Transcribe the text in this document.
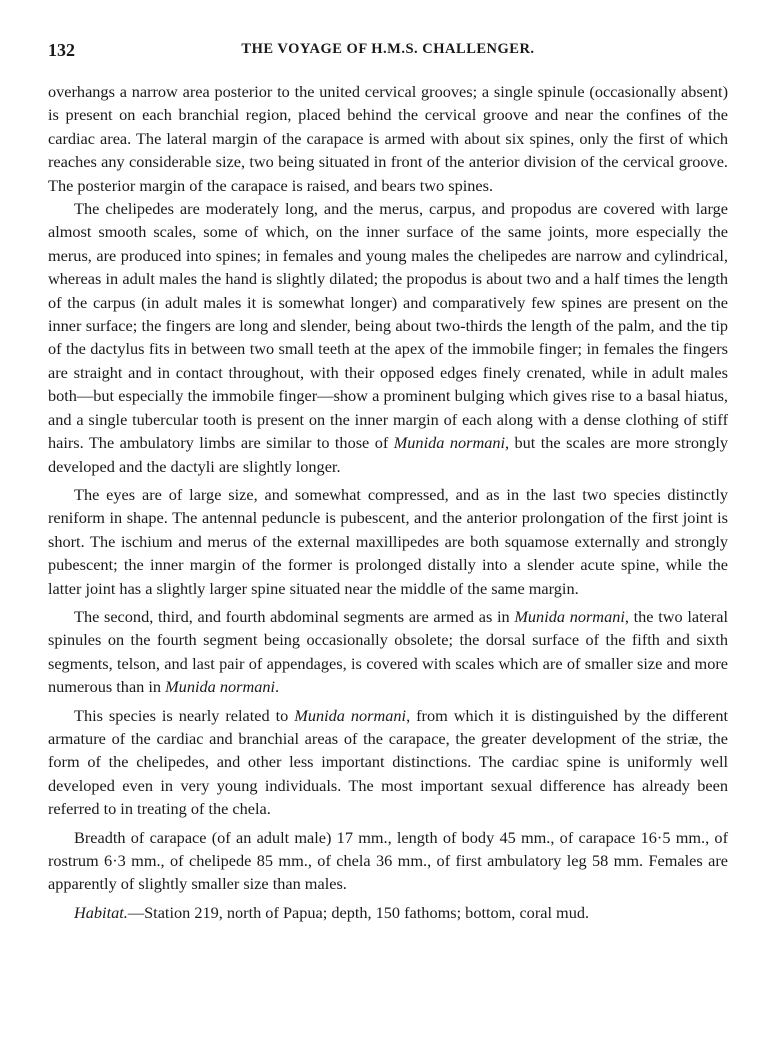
132	THE VOYAGE OF H.M.S. CHALLENGER.

overhangs a narrow area posterior to the united cervical grooves; a single spinule (occasionally absent) is present on each branchial region, placed behind the cervical groove and near the confines of the cardiac area. The lateral margin of the carapace is armed with about six spines, only the first of which reaches any considerable size, two being situated in front of the anterior division of the cervical groove. The posterior margin of the carapace is raised, and bears two spines.

The chelipedes are moderately long, and the merus, carpus, and propodus are covered with large almost smooth scales, some of which, on the inner surface of the same joints, more especially the merus, are produced into spines; in females and young males the chelipedes are narrow and cylindrical, whereas in adult males the hand is slightly dilated; the propodus is about two and a half times the length of the carpus (in adult males it is somewhat longer) and comparatively few spines are present on the inner surface; the fingers are long and slender, being about two-thirds the length of the palm, and the tip of the dactylus fits in between two small teeth at the apex of the immobile finger; in females the fingers are straight and in contact throughout, with their opposed edges finely crenated, while in adult males both—but especially the immobile finger—show a prominent bulging which gives rise to a basal hiatus, and a single tubercular tooth is present on the inner margin of each along with a dense clothing of stiff hairs. The ambulatory limbs are similar to those of Munida normani, but the scales are more strongly developed and the dactyli are slightly longer.

The eyes are of large size, and somewhat compressed, and as in the last two species distinctly reniform in shape. The antennal peduncle is pubescent, and the anterior prolongation of the first joint is short. The ischium and merus of the external maxillipedes are both squamose externally and strongly pubescent; the inner margin of the former is prolonged distally into a slender acute spine, while the latter joint has a slightly larger spine situated near the middle of the same margin.

The second, third, and fourth abdominal segments are armed as in Munida normani, the two lateral spinules on the fourth segment being occasionally obsolete; the dorsal surface of the fifth and sixth segments, telson, and last pair of appendages, is covered with scales which are of smaller size and more numerous than in Munida normani.

This species is nearly related to Munida normani, from which it is distinguished by the different armature of the cardiac and branchial areas of the carapace, the greater development of the striæ, the form of the chelipedes, and other less important distinctions. The cardiac spine is uniformly well developed even in very young individuals. The most important sexual difference has already been referred to in treating of the chela.

Breadth of carapace (of an adult male) 17 mm., length of body 45 mm., of carapace 16·5 mm., of rostrum 6·3 mm., of chelipede 85 mm., of chela 36 mm., of first ambulatory leg 58 mm. Females are apparently of slightly smaller size than males.

Habitat.—Station 219, north of Papua; depth, 150 fathoms; bottom, coral mud.
